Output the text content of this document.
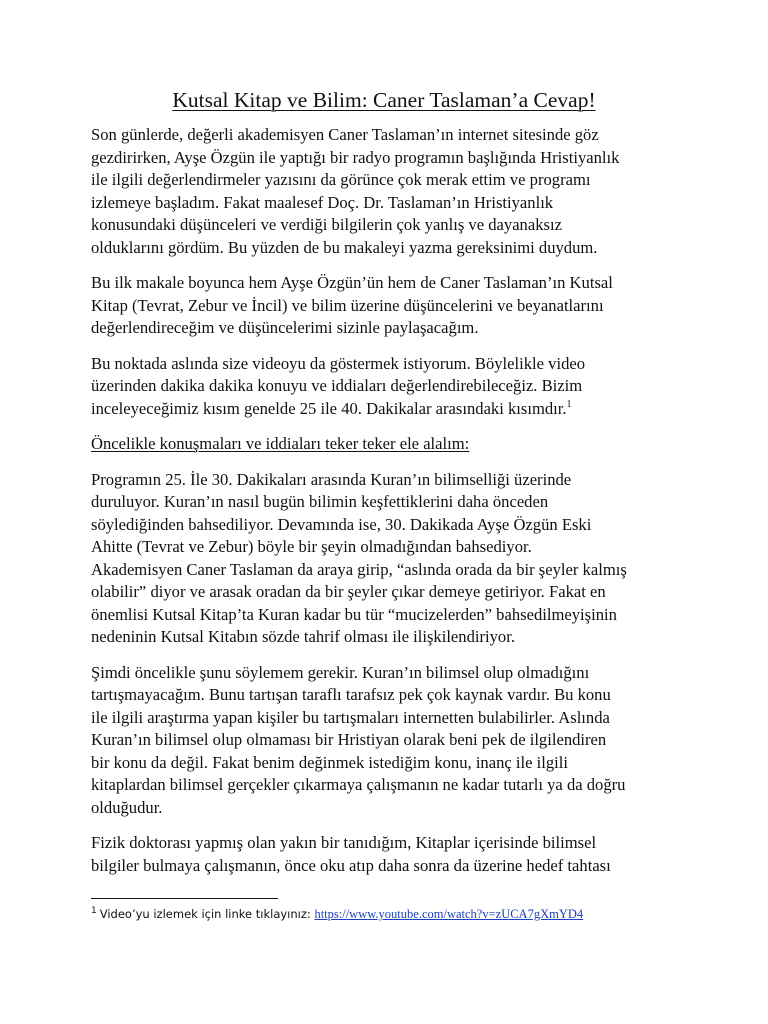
Kutsal Kitap ve Bilim: Caner Taslaman’a Cevap!

Son günlerde, değerli akademisyen Caner Taslaman’ın internet sitesinde göz
gezdirirken, Ayşe Özgün ile yaptığı bir radyo programın başlığında Hristiyanlık
ile ilgili değerlendirmeler yazısını da görünce çok merak ettim ve programı
izlemeye başladım. Fakat maalesef Doç. Dr. Taslaman’ın Hristiyanlık
konusundaki düşünceleri ve verdiği bilgilerin çok yanlış ve dayanaksız
olduklarını gördüm. Bu yüzden de bu makaleyi yazma gereksinimi duydum.

Bu ilk makale boyunca hem Ayşe Özgün’ün hem de Caner Taslaman’ın Kutsal
Kitap (Tevrat, Zebur ve İncil) ve bilim üzerine düşüncelerini ve beyanatlarını
değerlendireceğim ve düşüncelerimi sizinle paylaşacağım.

Bu noktada aslında size videoyu da göstermek istiyorum. Böylelikle video
üzerinden dakika dakika konuyu ve iddiaları değerlendirebileceğiz. Bizim
inceleyeceğimiz kısım genelde 25 ile 40. Dakikalar arasındaki kısımdır.$^1$

Öncelikle konuşmaları ve iddiaları teker teker ele alalım:

Programın 25. İle 30. Dakikaları arasında Kuran’ın bilimselliği üzerinde
duruluyor. Kuran’ın nasıl bugün bilimin keşfettiklerini daha önceden
söylediğinden bahsediliyor. Devamında ise, 30. Dakikada Ayşe Özgün Eski
Ahitte (Tevrat ve Zebur) böyle bir şeyin olmadığından bahsediyor.
Akademisyen Caner Taslaman da araya girip, “aslında orada da bir şeyler kalmış
olabilir” diyor ve arasak oradan da bir şeyler çıkar demeye getiriyor. Fakat en
önemlisi Kutsal Kitap’ta Kuran kadar bu tür “mucizelerden” bahsedilmeyişinin
nedeninin Kutsal Kitabın sözde tahrif olması ile ilişkilendiriyor.

Şimdi öncelikle şunu söylemem gerekir. Kuran’ın bilimsel olup olmadığını
tartışmayacağım. Bunu tartışan taraflı tarafsız pek çok kaynak vardır. Bu konu
ile ilgili araştırma yapan kişiler bu tartışmaları internetten bulabilirler. Aslında
Kuran’ın bilimsel olup olmaması bir Hristiyan olarak beni pek de ilgilendiren
bir konu da değil. Fakat benim değinmek istediğim konu, inanç ile ilgili
kitaplardan bilimsel gerçekler çıkarmaya çalışmanın ne kadar tutarlı ya da doğru
olduğudur.

Fizik doktorası yapmış olan yakın bir tanıdığım, Kitaplar içerisinde bilimsel
bilgiler bulmaya çalışmanın, önce oku atıp daha sonra da üzerine hedef tahtası

$^1$ Video’yu izlemek için linke tıklayınız: https://www.youtube.com/watch?v=zUCA7gXmYD4
